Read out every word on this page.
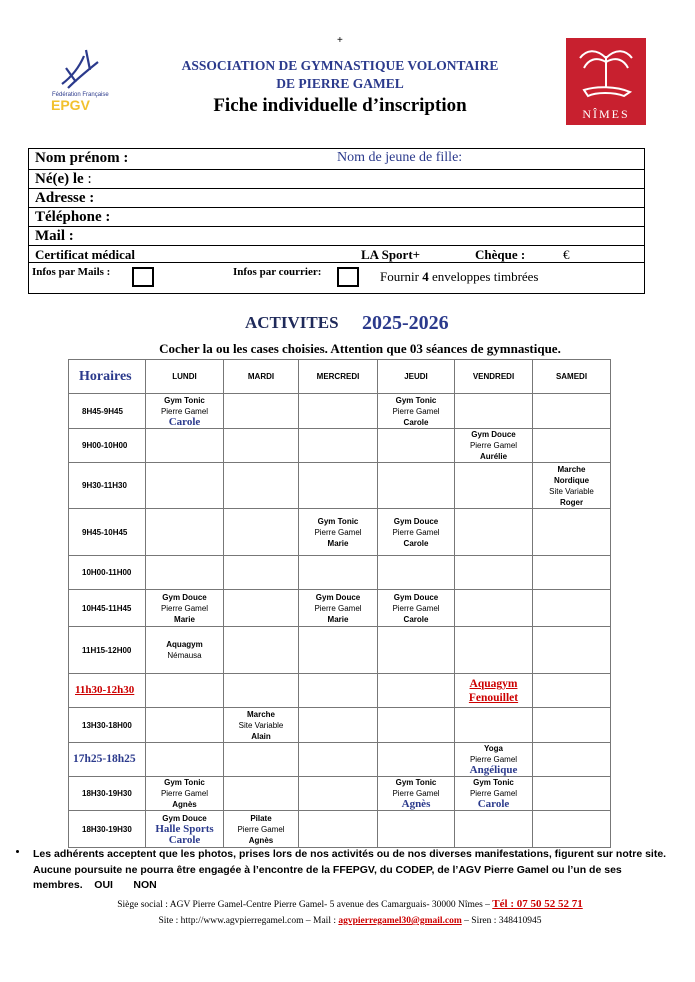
+
Fédération Française
EPGV
ASSOCIATION DE GYMNASTIQUE VOLONTAIRE
DE PIERRE GAMEL
Fiche individuelle d’inscription	NÎMES
Nom prénom :	Nom de jeune de fille:
Né(e) le :
Adresse :
Téléphone :
Mail :
Certificat médical	LA Sport+	Chèque :	€
Infos par Mails :	Infos par courrier:	Fournir 4 enveloppes timbrées
ACTIVITES 2025-2026
Cocher la ou les cases choisies. Attention que 03 séances de gymnastique.
Horaires	LUNDI	MARDI	MERCREDI	JEUDI	VENDREDI	SAMEDI
8H45-9H45	Gym Tonic
Pierre Gamel
Carole			Gym Tonic
Pierre Gamel
Carole		

9H00-10H00					Gym Douce
Pierre Gamel
Aurélie	

9H30-11H30						Marche
Nordique
Site Variable
Roger

9H45-10H45			Gym Tonic
Pierre Gamel
Marie	Gym Douce
Pierre Gamel
Carole		

10H00-11H00						
10H45-11H45	Gym Douce
Pierre Gamel
Marie		Gym Douce
Pierre Gamel
Marie	Gym Douce
Pierre Gamel
Carole		

11H15-12H00	Aquagym
Némausa					

11h30-12h30					Aquagym
Fenouillet	

13H30-18H00		Marche
Site Variable
Alain				

17h25-18h25					Yoga
Pierre Gamel
Angélique	

18H30-19H30	Gym Tonic
Pierre Gamel
Agnès			Gym Tonic
Pierre Gamel
Agnès	Gym Tonic
Pierre Gamel
Carole	

18H30-19H30	Gym Douce
Halle Sports
Carole	Pilate
Pierre Gamel
Agnès				

Les adhérents acceptent que les photos, prises lors de nos activités ou de nos diverses manifestations, figurent sur notre site.
Aucune poursuite ne pourra être engagée à l’encontre de la FFEPGV, du CODEP, de l’AGV Pierre Gamel ou l’un de ses
membres. OUI NON
Siège social : AGV Pierre Gamel-Centre Pierre Gamel- 5 avenue des Camarguais- 30000 Nîmes – Tél : 07 50 52 52 71
Site : http://www.agvpierregamel.com – Mail : agvpierregamel30@gmail.com – Siren : 348410945
